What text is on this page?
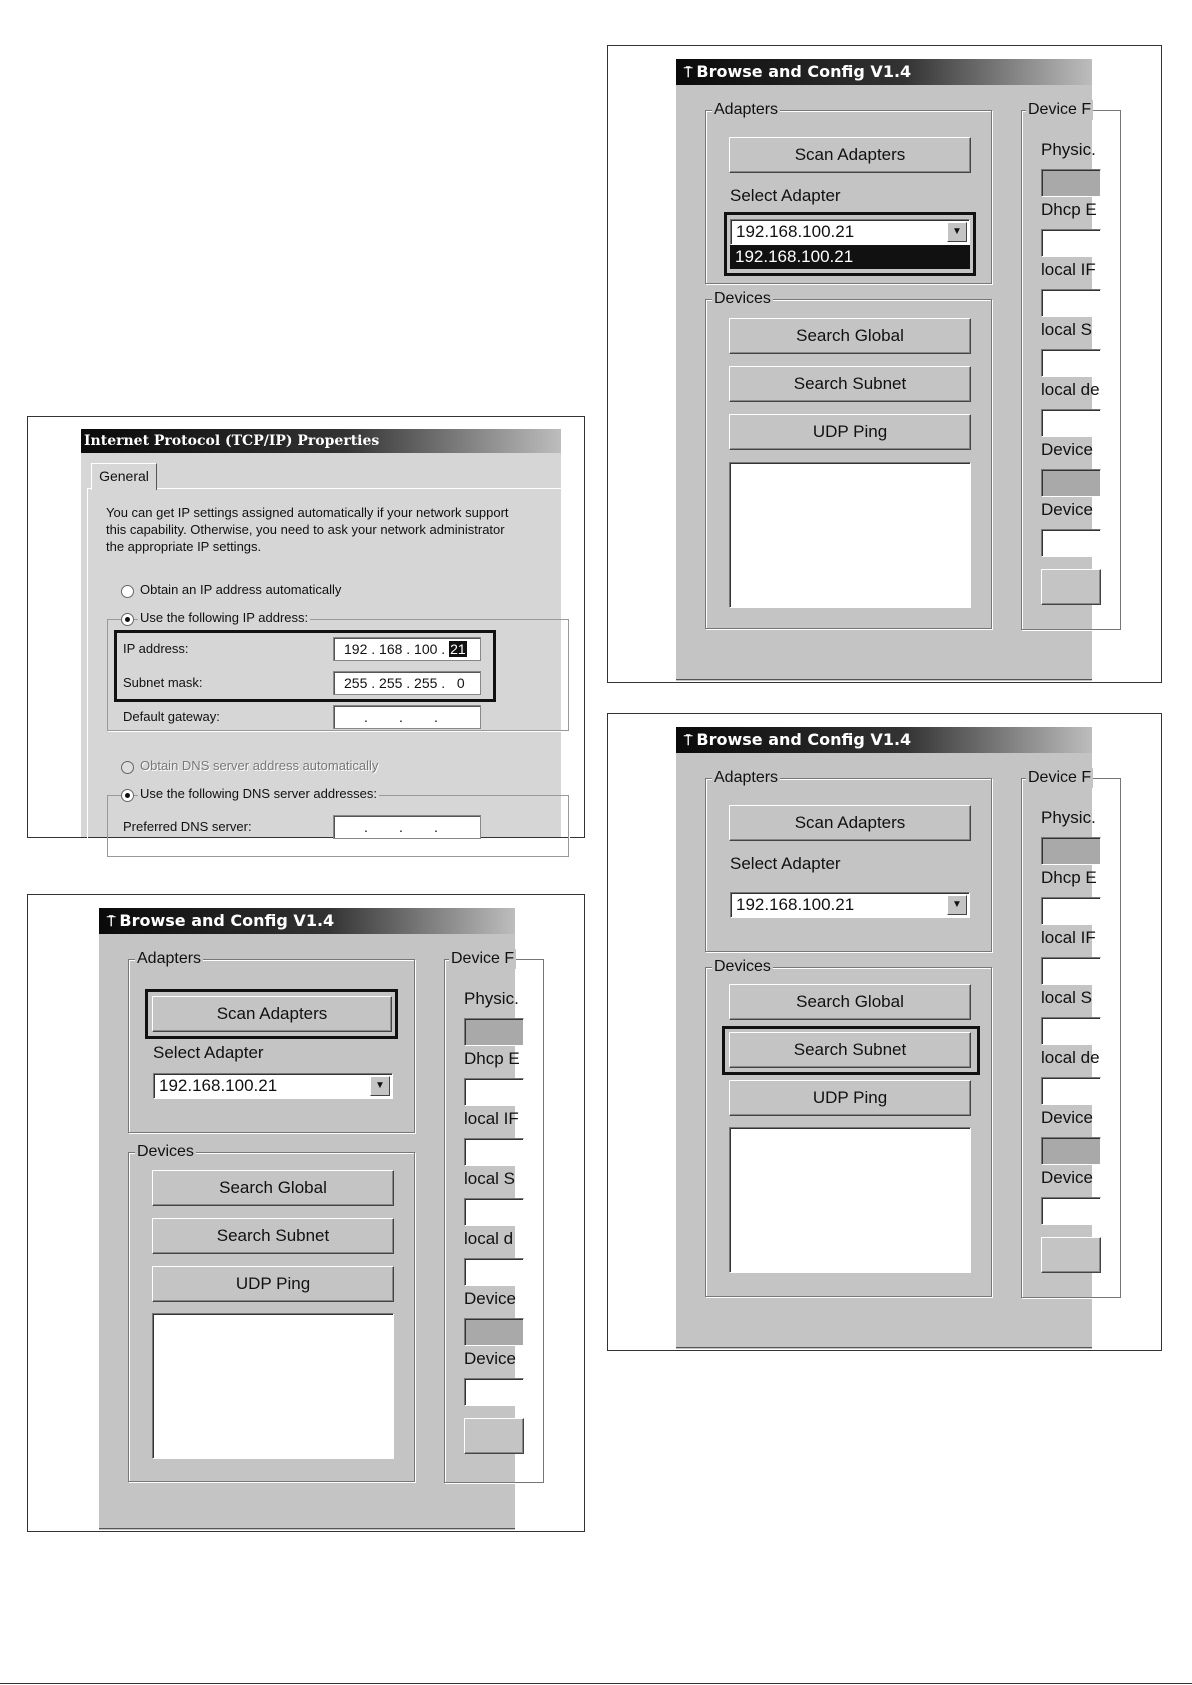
Internet Protocol (TCP/IP) Properties
General
You can get IP settings assigned automatically if your network support
this capability. Otherwise, you need to ask your network administrator
the appropriate IP settings.
Obtain an IP address automatically
Use the following IP address:
IP address:	192 . 168 . 100 . 21
Subnet mask:	255 . 255 . 255 .   0
Default gateway:	.        .        .
Obtain DNS server address automatically
Use the following DNS server addresses:
Preferred DNS server:	.        .        .
⍑ Browse and Config V1.4
Adapters
Scan Adapters
Select Adapter
192.168.100.21	▼
192.168.100.21
Devices
Search Global
Search Subnet
UDP Ping
Device F
Physic.
Dhcp E
local IF
local S
local de
Device
Device
⍑ Browse and Config V1.4
Adapters
Scan Adapters
Select Adapter
192.168.100.21	▼
Devices
Search Global
Search Subnet
UDP Ping
Device F
Physic.
Dhcp E
local IF
local S
local d
Device
Device
⍑ Browse and Config V1.4
Adapters
Scan Adapters
Select Adapter
192.168.100.21	▼
Devices
Search Global
Search Subnet
UDP Ping
Device F
Physic.
Dhcp E
local IF
local S
local de
Device
Device
